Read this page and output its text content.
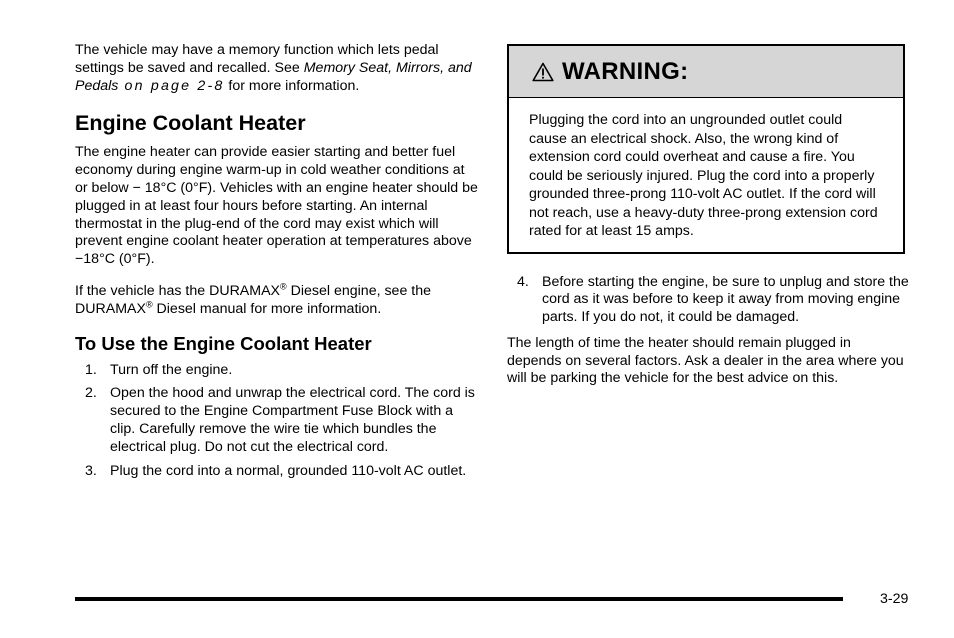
The vehicle may have a memory function which lets pedal settings be saved and recalled. See Memory Seat, Mirrors, and Pedals on page 2‑8 for more information.

Engine Coolant Heater

The engine heater can provide easier starting and better fuel economy during engine warm‑up in cold weather conditions at or below − 18°C (0°F). Vehicles with an engine heater should be plugged in at least four hours before starting. An internal thermostat in the plug‑end of the cord may exist which will prevent engine coolant heater operation at temperatures above −18°C (0°F).

If the vehicle has the DURAMAX® Diesel engine, see the DURAMAX® Diesel manual for more information.

To Use the Engine Coolant Heater
1. Turn off the engine.
2. Open the hood and unwrap the electrical cord. The cord is secured to the Engine Compartment Fuse Block with a clip. Carefully remove the wire tie which bundles the electrical plug. Do not cut the electrical cord.
3. Plug the cord into a normal, grounded 110‑volt AC outlet.
WARNING:

Plugging the cord into an ungrounded outlet could cause an electrical shock. Also, the wrong kind of extension cord could overheat and cause a fire. You could be seriously injured. Plug the cord into a properly grounded three‑prong 110‑volt AC outlet. If the cord will not reach, use a heavy‑duty three‑prong extension cord rated for at least 15 amps.

4. Before starting the engine, be sure to unplug and store the cord as it was before to keep it away from moving engine parts. If you do not, it could be damaged.

The length of time the heater should remain plugged in depends on several factors. Ask a dealer in the area where you will be parking the vehicle for the best advice on this.

3-29
